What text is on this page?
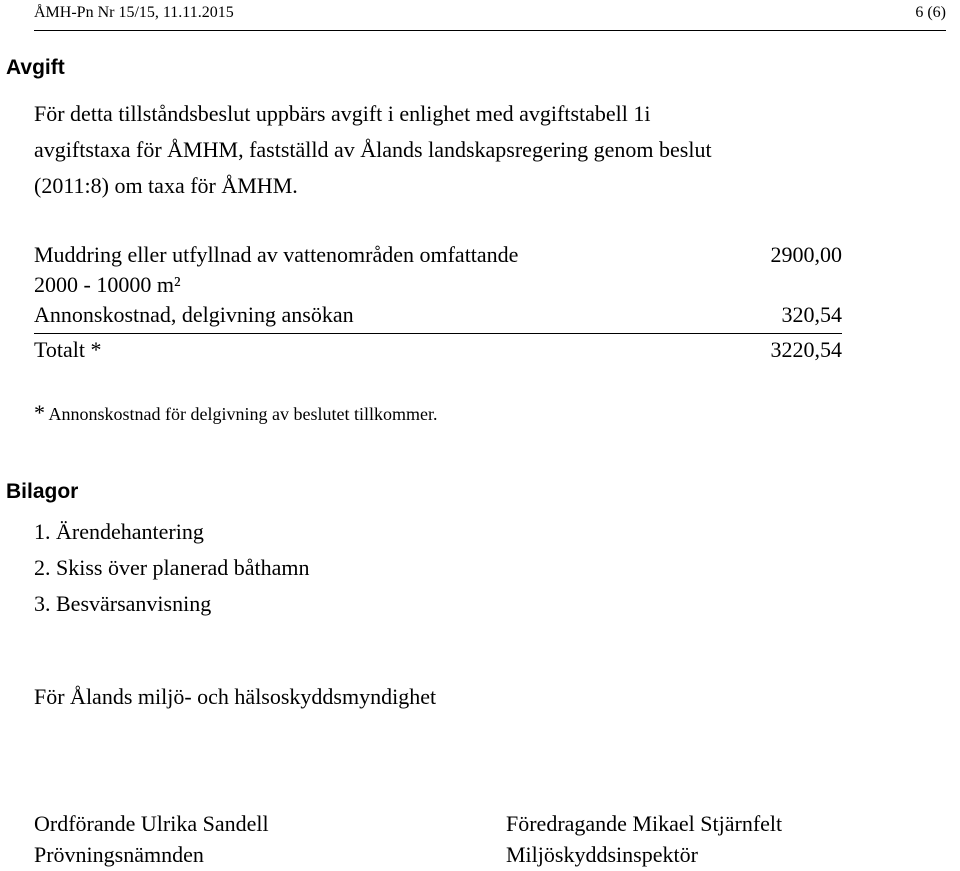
ÅMH-Pn Nr 15/15, 11.11.2015	6 (6)
Avgift
För detta tillståndsbeslut uppbärs avgift i enlighet med avgiftstabell 1i
avgiftstaxa för ÅMHM, fastställd av Ålands landskapsregering genom beslut
(2011:8) om taxa för ÅMHM.
Muddring eller utfyllnad av vattenområden omfattande	2900,00
2000 - 10000 m²
Annonskostnad, delgivning ansökan	320,54
Totalt *	3220,54
* Annonskostnad för delgivning av beslutet tillkommer.
Bilagor
1. Ärendehantering
2. Skiss över planerad båthamn
3. Besvärsanvisning
För Ålands miljö- och hälsoskyddsmyndighet
Ordförande Ulrika Sandell
Prövningsnämnden
Föredragande Mikael Stjärnfelt
Miljöskyddsinspektör
